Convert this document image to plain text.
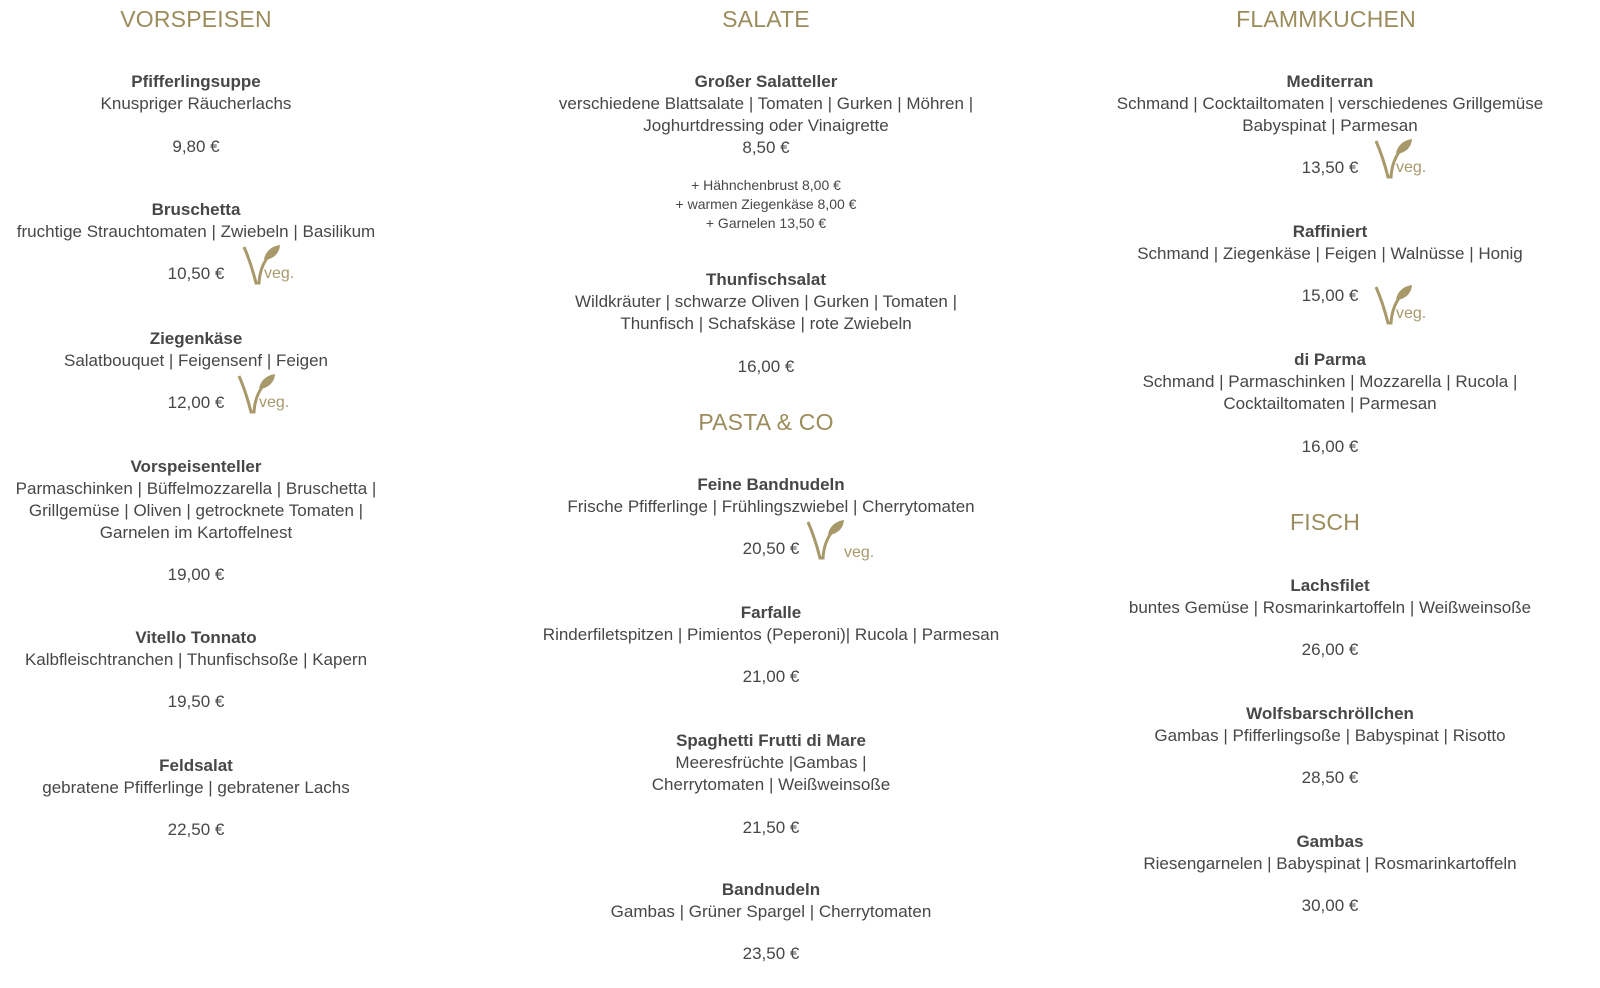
VORSPEISEN
Pfifferlingsuppe
Knuspriger Räucherlachs
9,80 €
Bruschetta
fruchtige Strauchtomaten | Zwiebeln | Basilikum
10,50 €	veg.
Ziegenkäse
Salatbouquet | Feigensenf | Feigen
12,00 €	veg.
Vorspeisenteller
Parmaschinken | Büffelmozzarella | Bruschetta |
Grillgemüse | Oliven | getrocknete Tomaten |
Garnelen im Kartoffelnest
19,00 €
Vitello Tonnato
Kalbfleischtranchen | Thunfischsoße | Kapern
19,50 €
Feldsalat
gebratene Pfifferlinge | gebratener Lachs
22,50 €
SALATE
Großer Salatteller
verschiedene Blattsalate | Tomaten | Gurken | Möhren |
Joghurtdressing oder Vinaigrette
8,50 €
+ Hähnchenbrust 8,00 €
+ warmen Ziegenkäse 8,00 €
+ Garnelen 13,50 €
Thunfischsalat
Wildkräuter | schwarze Oliven | Gurken | Tomaten |
Thunfisch | Schafskäse | rote Zwiebeln
16,00 €
PASTA & CO
Feine Bandnudeln
Frische Pfifferlinge | Frühlingszwiebel | Cherrytomaten
20,50 €	veg.
Farfalle
Rinderfiletspitzen | Pimientos (Peperoni)| Rucola | Parmesan
21,00 €
Spaghetti Frutti di Mare
Meeresfrüchte |Gambas |
Cherrytomaten | Weißweinsoße
21,50 €
Bandnudeln
Gambas | Grüner Spargel | Cherrytomaten
23,50 €
FLAMMKUCHEN
Mediterran
Schmand | Cocktailtomaten | verschiedenes Grillgemüse
Babyspinat | Parmesan
13,50 €	veg.
Raffiniert
Schmand | Ziegenkäse | Feigen | Walnüsse | Honig
15,00 €
veg.
di Parma
Schmand | Parmaschinken | Mozzarella | Rucola |
Cocktailtomaten | Parmesan
16,00 €
FISCH
Lachsfilet
buntes Gemüse | Rosmarinkartoffeln | Weißweinsoße
26,00 €
Wolfsbarschröllchen
Gambas | Pfifferlingsoße | Babyspinat | Risotto
28,50 €
Gambas
Riesengarnelen | Babyspinat | Rosmarinkartoffeln
30,00 €
